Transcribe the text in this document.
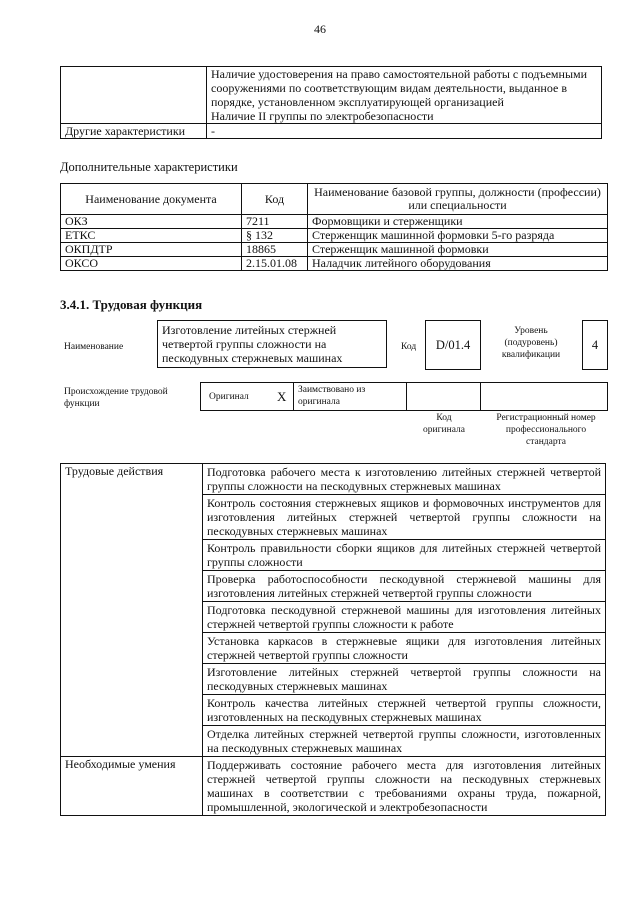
46

	Наличие удостоверения на право самостоятельной работы с подъемными сооружениями по соответствующим видам деятельности, выданное в порядке, установленном эксплуатирующей организацией
Наличие II группы по электробезопасности

Другие характеристики	-
Дополнительные характеристики
Наименование документа	Код	Наименование базовой группы, должности (профессии) или специальности
ОКЗ	7211	Формовщики и стерженщики
ЕТКС	§ 132	Стерженщик машинной формовки 5-го разряда
ОКПДТР	18865	Стерженщик машинной формовки
ОКСО	2.15.01.08	Наладчик литейного оборудования
3.4.1. Трудовая функция
Наименование
Изготовление литейных стержней четвертой группы сложности на пескодувных стержневых машинах
Код	D/01.4
Уровень (подуровень) квалификации
4
Происхождение трудовой функции
Оригинал X Заимствовано из оригинала
Код оригинала
Регистрационный номер профессионального стандарта
Трудовые действия	Подготовка рабочего места к изготовлению литейных стержней четвертой группы сложности на пескодувных стержневых машинах
	Контроль состояния стержневых ящиков и формовочных инструментов для изготовления литейных стержней четвертой группы сложности на пескодувных стержневых машинах
	Контроль правильности сборки ящиков для литейных стержней четвертой группы сложности
	Проверка работоспособности пескодувной стержневой машины для изготовления литейных стержней четвертой группы сложности
	Подготовка пескодувной стержневой машины для изготовления литейных стержней четвертой группы сложности к работе
	Установка каркасов в стержневые ящики для изготовления литейных стержней четвертой группы сложности
	Изготовление литейных стержней четвертой группы сложности на пескодувных стержневых машинах
	Контроль качества литейных стержней четвертой группы сложности, изготовленных на пескодувных стержневых машинах
	Отделка литейных стержней четвертой группы сложности, изготовленных на пескодувных стержневых машинах
Необходимые умения	Поддерживать состояние рабочего места для изготовления литейных стержней четвертой группы сложности на пескодувных стержневых машинах в соответствии с требованиями охраны труда, пожарной, промышленной, экологической и электробезопасности
